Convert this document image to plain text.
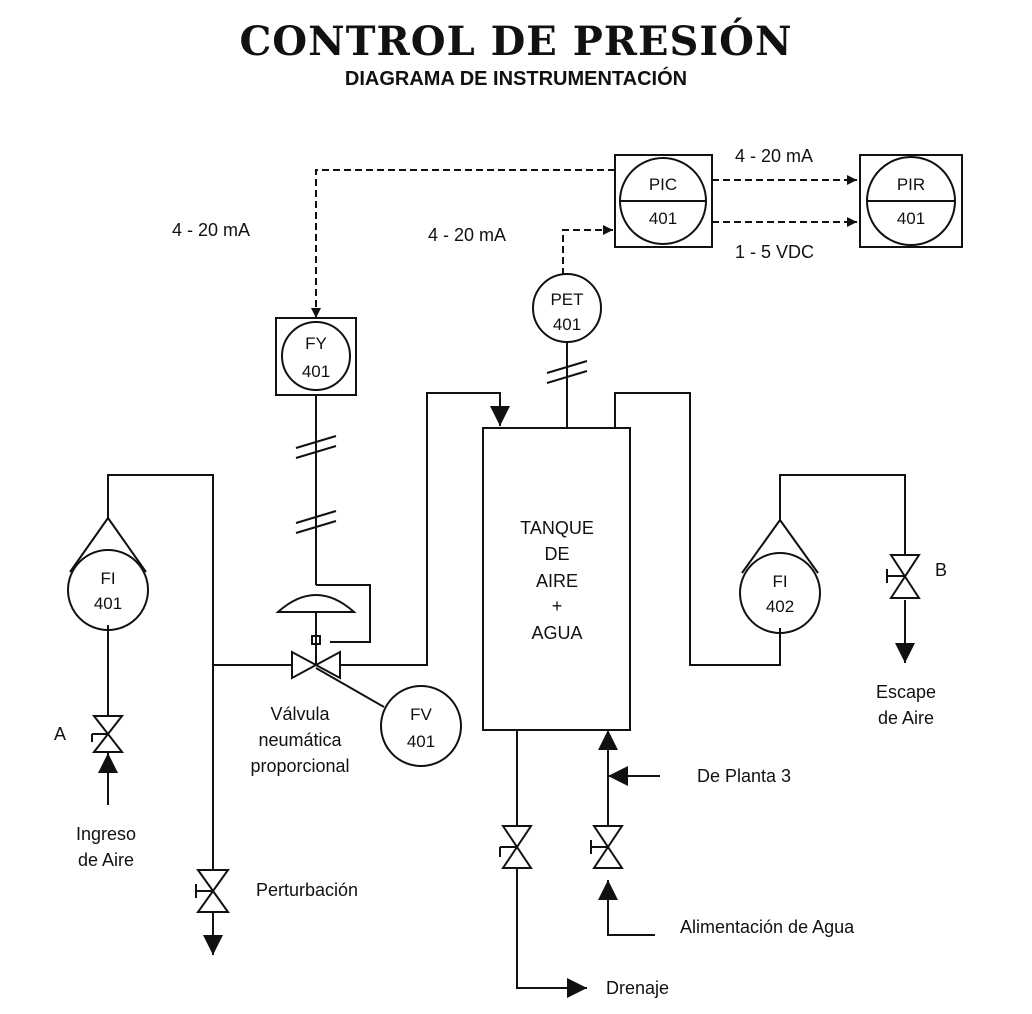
CONTROL DE PRESIÓN
DIAGRAMA DE INSTRUMENTACIÓN
4 - 20 mA
1 - 5 VDC
4 - 20 mA
4 - 20 mA
PIC
401
PIR
401
PET
401
FY
401
FI
401
FI
402
FV
401
TANQUE
DE
AIRE
+
AGUA
A
B
Válvula
neumática
proporcional
Ingreso
de Aire
Escape
de Aire
Perturbación
De Planta 3
Alimentación de Agua
Drenaje
